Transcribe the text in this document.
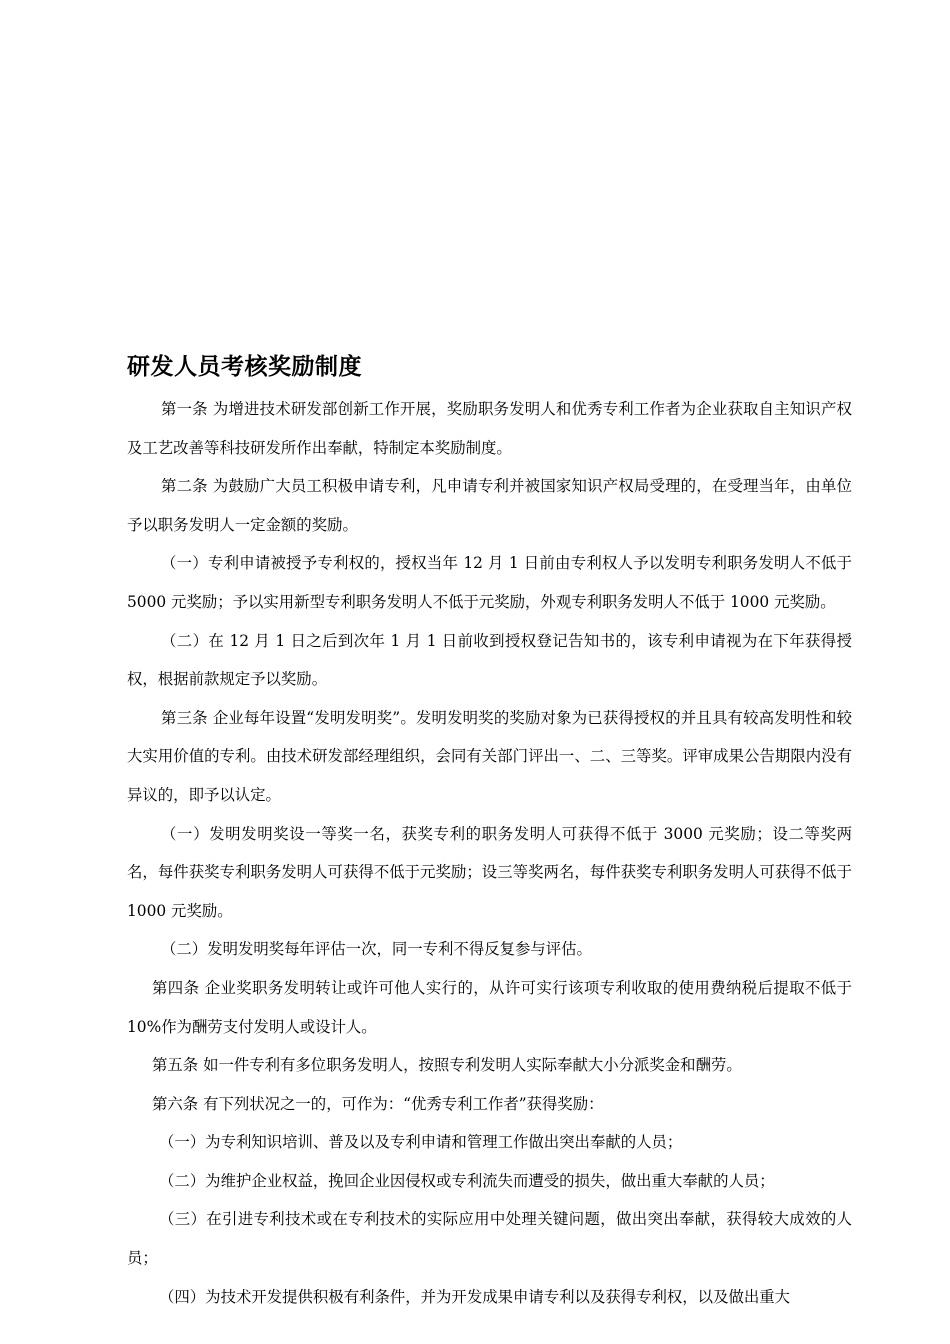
研发人员考核奖励制度

第一条 为增进技术研发部创新工作开展，奖励职务发明人和优秀专利工作者为企业获取自主知识产权及工艺改善等科技研发所作出奉献，特制定本奖励制度。

第二条 为鼓励广大员工积极申请专利，凡申请专利并被国家知识产权局受理的，在受理当年，由单位予以职务发明人一定金额的奖励。

（一）专利申请被授予专利权的，授权当年 12 月 1 日前由专利权人予以发明专利职务发明人不低于 5000 元奖励；予以实用新型专利职务发明人不低于元奖励，外观专利职务发明人不低于 1000 元奖励。

（二）在 12 月 1 日之后到次年 1 月 1 日前收到授权登记告知书的，该专利申请视为在下年获得授权，根据前款规定予以奖励。

第三条 企业每年设置“发明发明奖”。发明发明奖的奖励对象为已获得授权的并且具有较高发明性和较大实用价值的专利。由技术研发部经理组织，会同有关部门评出一、二、三等奖。评审成果公告期限内没有异议的，即予以认定。

（一）发明发明奖设一等奖一名，获奖专利的职务发明人可获得不低于 3000 元奖励；设二等奖两名，每件获奖专利职务发明人可获得不低于元奖励；设三等奖两名，每件获奖专利职务发明人可获得不低于 1000 元奖励。

（二）发明发明奖每年评估一次，同一专利不得反复参与评估。

第四条 企业奖职务发明转让或许可他人实行的，从许可实行该项专利收取的使用费纳税后提取不低于 10%作为酬劳支付发明人或设计人。

第五条 如一件专利有多位职务发明人，按照专利发明人实际奉献大小分派奖金和酬劳。

第六条 有下列状况之一的，可作为：“优秀专利工作者”获得奖励：

（一）为专利知识培训、普及以及专利申请和管理工作做出突出奉献的人员；

（二）为维护企业权益，挽回企业因侵权或专利流失而遭受的损失，做出重大奉献的人员；

（三）在引进专利技术或在专利技术的实际应用中处理关键问题，做出突出奉献，获得较大成效的人员；

（四）为技术开发提供积极有利条件，并为开发成果申请专利以及获得专利权，以及做出重大
